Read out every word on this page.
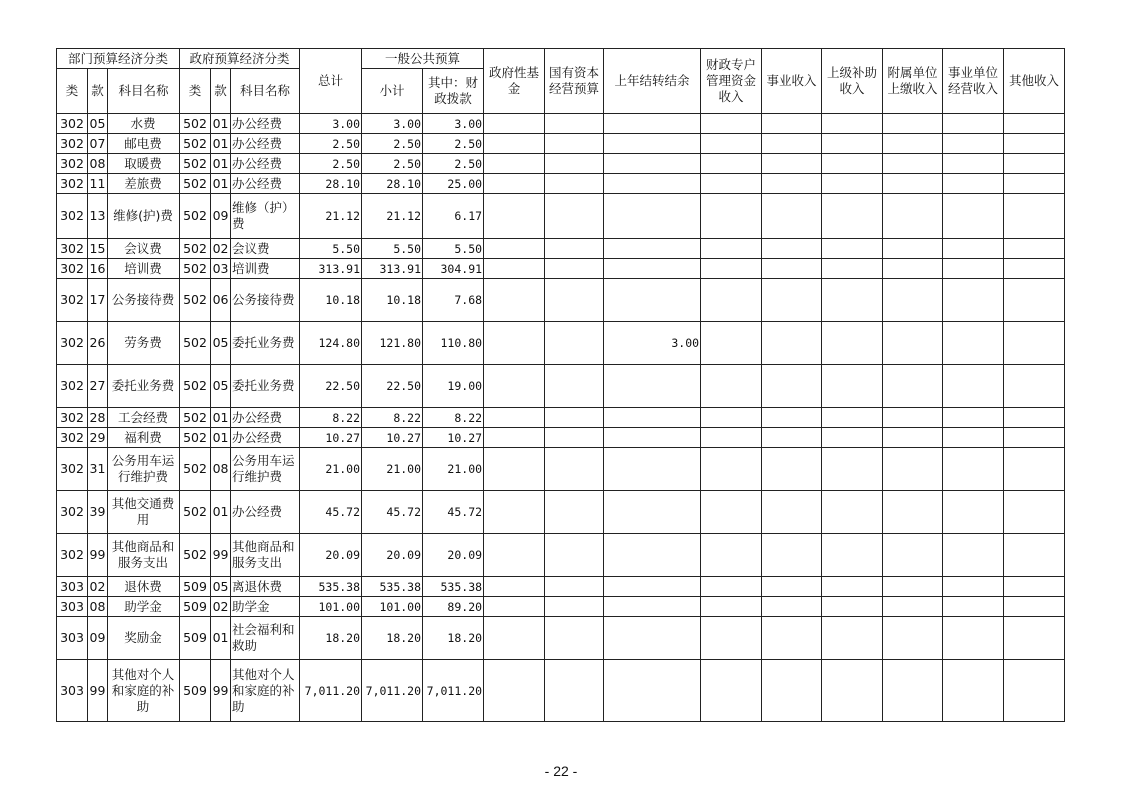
部门预算经济分类			政府预算经济分类			总计	一般公共预算		政府性基金	国有资本经营预算	上年结转结余	财政专户管理资金收入	事业收入	上级补助收入	附属单位上缴收入	事业单位经营收入	其他收入
类	款	科目名称	类	款	科目名称		小计	其中：财政拨款									
302	05	水费	502	01	办公经费	3.00	3.00	3.00									
302	07	邮电费	502	01	办公经费	2.50	2.50	2.50									
302	08	取暖费	502	01	办公经费	2.50	2.50	2.50									
302	11	差旅费	502	01	办公经费	28.10	28.10	25.00									
302	13	维修(护)费	502	09	维修（护）费	21.12	21.12	6.17									
302	15	会议费	502	02	会议费	5.50	5.50	5.50									
302	16	培训费	502	03	培训费	313.91	313.91	304.91									
302	17	公务接待费	502	06	公务接待费	10.18	10.18	7.68									
302	26	劳务费	502	05	委托业务费	124.80	121.80	110.80			3.00						
302	27	委托业务费	502	05	委托业务费	22.50	22.50	19.00									
302	28	工会经费	502	01	办公经费	8.22	8.22	8.22									
302	29	福利费	502	01	办公经费	10.27	10.27	10.27									
302	31	公务用车运行维护费	502	08	公务用车运行维护费	21.00	21.00	21.00									
302	39	其他交通费用	502	01	办公经费	45.72	45.72	45.72									
302	99	其他商品和服务支出	502	99	其他商品和服务支出	20.09	20.09	20.09									
303	02	退休费	509	05	离退休费	535.38	535.38	535.38									
303	08	助学金	509	02	助学金	101.00	101.00	89.20									
303	09	奖励金	509	01	社会福利和救助	18.20	18.20	18.20									
303	99	其他对个人和家庭的补助	509	99	其他对个人和家庭的补助	7,011.20	7,011.20	7,011.20									
- 22 -
